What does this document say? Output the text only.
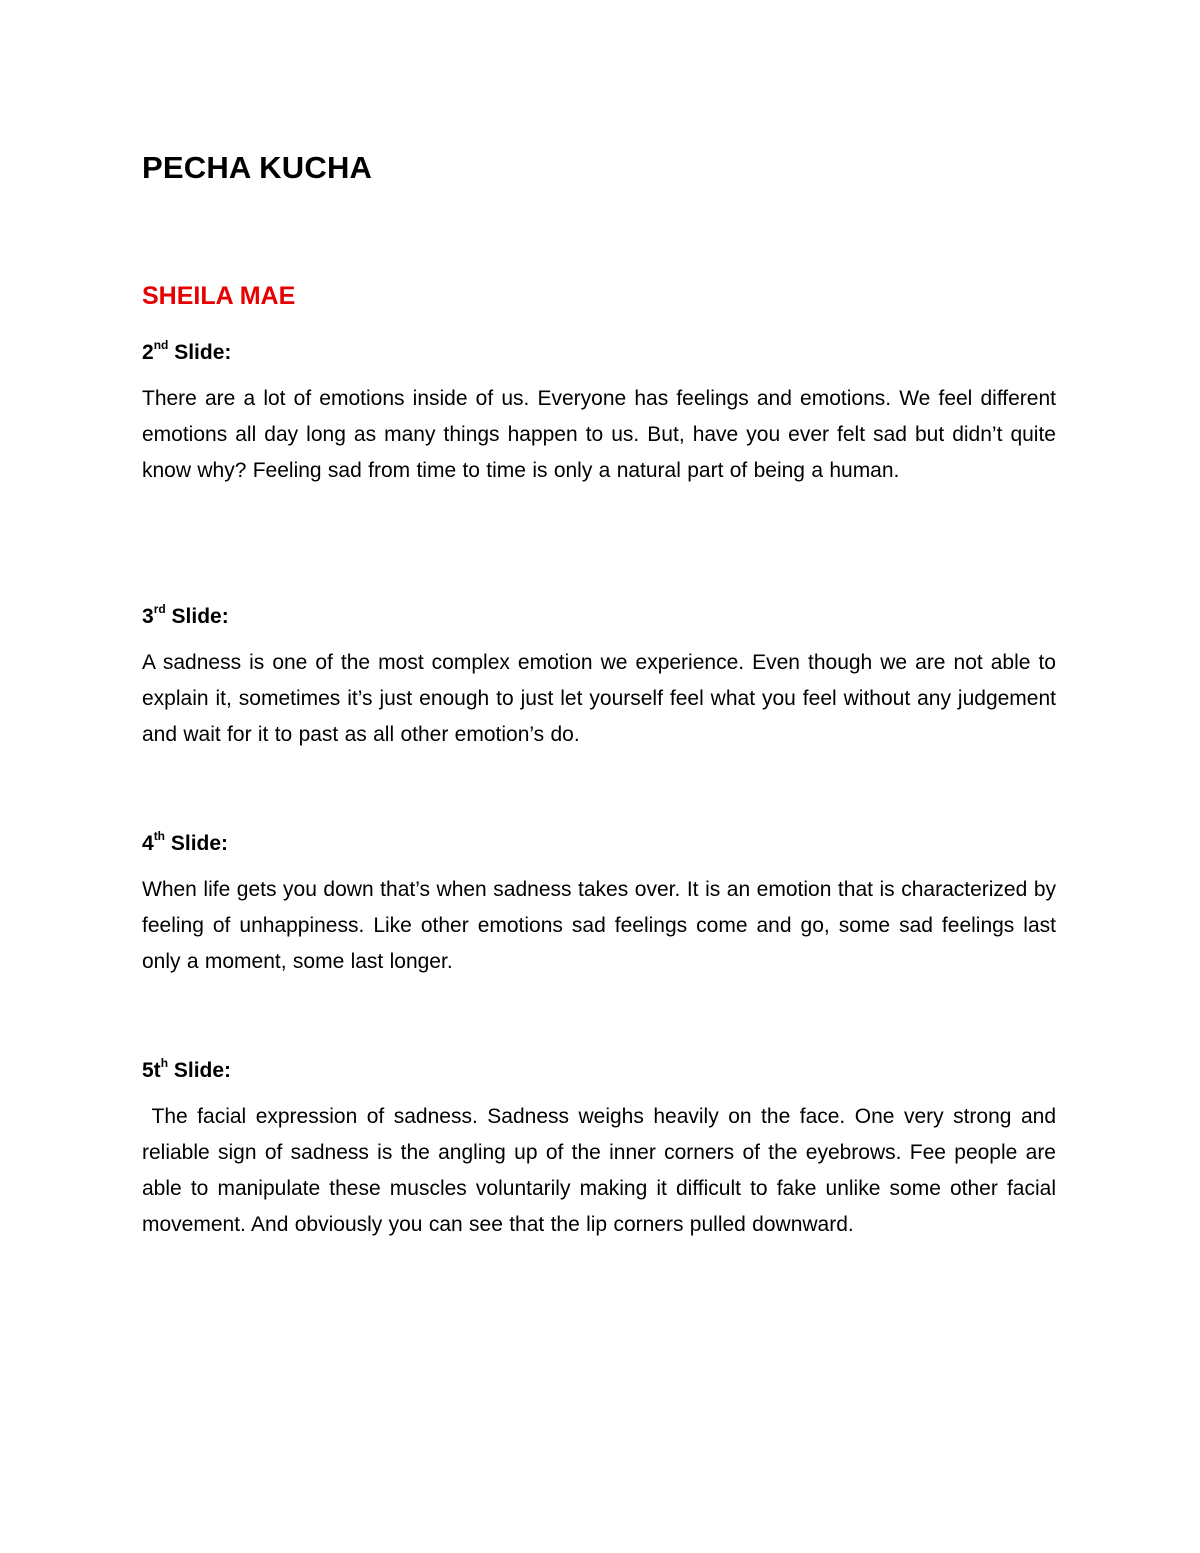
PECHA KUCHA
SHEILA MAE

2nd Slide:

There are a lot of emotions inside of us. Everyone has feelings and emotions. We feel different emotions all day long as many things happen to us. But, have you ever felt sad but didn’t quite know why? Feeling sad from time to time is only a natural part of being a human.

3rd Slide:

A sadness is one of the most complex emotion we experience. Even though we are not able to explain it, sometimes it’s just enough to just let yourself feel what you feel without any judgement and wait for it to past as all other emotion’s do.

4th Slide:

When life gets you down that’s when sadness takes over. It is an emotion that is characterized by feeling of unhappiness. Like other emotions sad feelings come and go, some sad feelings last only a moment, some last longer.

$5t^h$ Slide:

The facial expression of sadness. Sadness weighs heavily on the face. One very strong and reliable sign of sadness is the angling up of the inner corners of the eyebrows. Fee people are able to manipulate these muscles voluntarily making it difficult to fake unlike some other facial movement. And obviously you can see that the lip corners pulled downward.
